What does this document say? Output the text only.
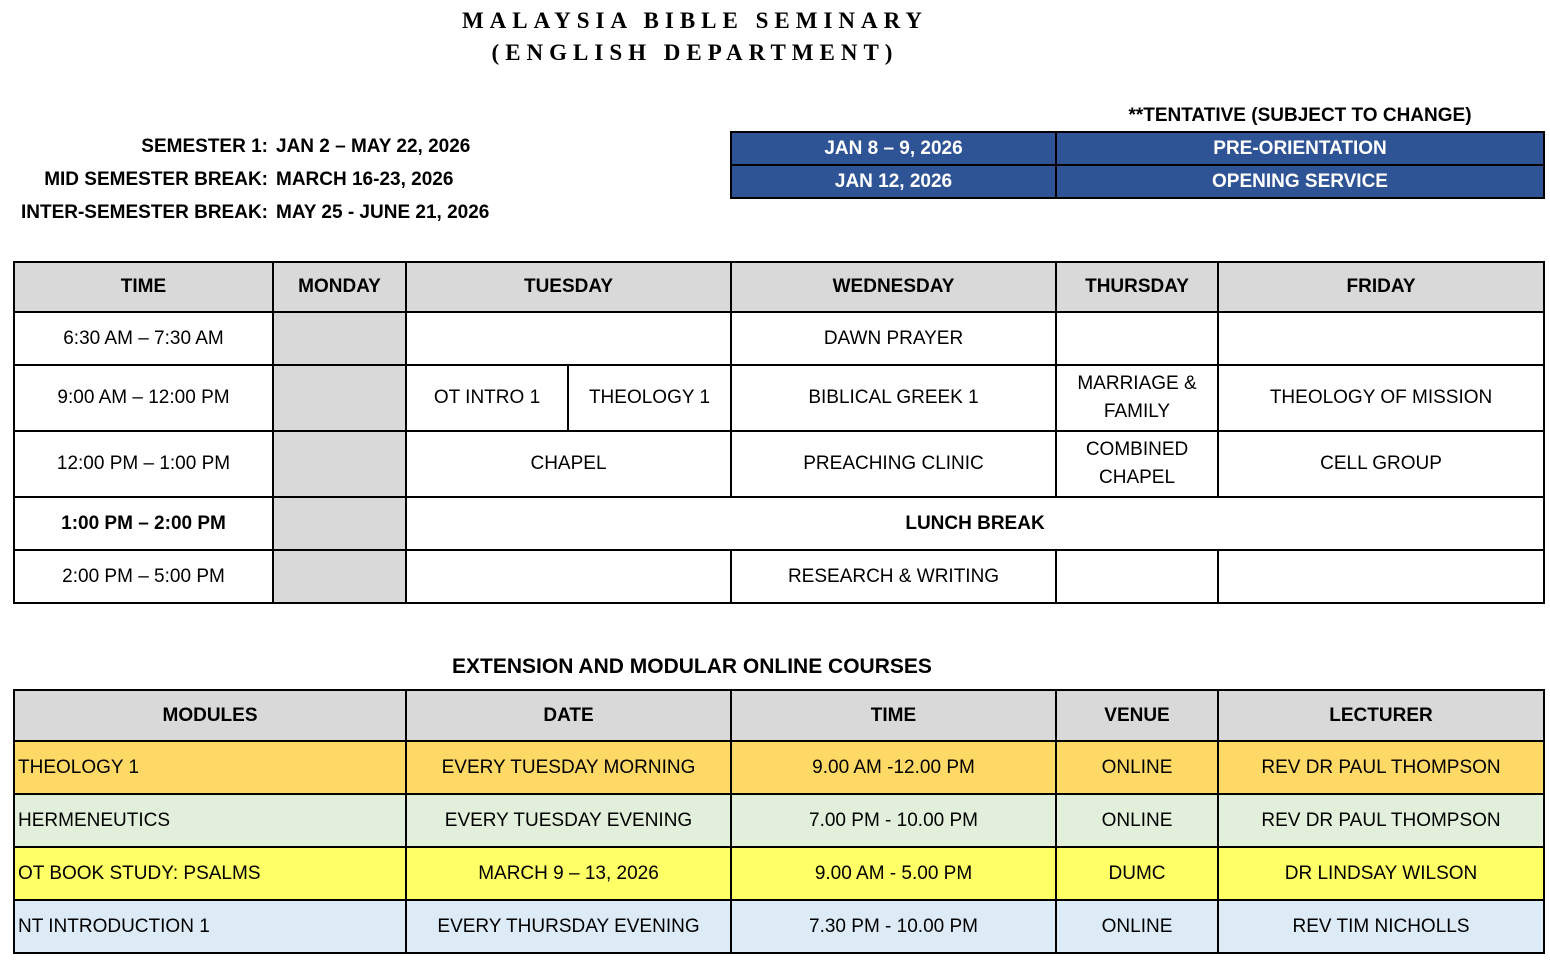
MALAYSIA BIBLE SEMINARY
(ENGLISH DEPARTMENT)
SEMESTER 1: JAN 2 – MAY 22, 2026
MID SEMESTER BREAK: MARCH 16-23, 2026
INTER-SEMESTER BREAK: MAY 25 - JUNE 21, 2026
**TENTATIVE (SUBJECT TO CHANGE)
JAN 8 – 9, 2026	PRE-ORIENTATION
JAN 12, 2026	OPENING SERVICE
TIME	MONDAY	TUESDAY		WEDNESDAY	THURSDAY	FRIDAY
6:30 AM – 7:30 AM				DAWN PRAYER		
9:00 AM – 12:00 PM		OT INTRO 1	THEOLOGY 1	BIBLICAL GREEK 1	MARRIAGE & FAMILY	THEOLOGY OF MISSION
12:00 PM – 1:00 PM		CHAPEL		PREACHING CLINIC	COMBINED CHAPEL	CELL GROUP
1:00 PM – 2:00 PM		LUNCH BREAK				
2:00 PM – 5:00 PM				RESEARCH & WRITING		
EXTENSION AND MODULAR ONLINE COURSES
MODULES	DATE	TIME	VENUE	LECTURER
THEOLOGY 1	EVERY TUESDAY MORNING	9.00 AM -12.00 PM	ONLINE	REV DR PAUL THOMPSON
HERMENEUTICS	EVERY TUESDAY EVENING	7.00 PM - 10.00 PM	ONLINE	REV DR PAUL THOMPSON
OT BOOK STUDY: PSALMS	MARCH 9 – 13, 2026	9.00 AM - 5.00 PM	DUMC	DR LINDSAY WILSON
NT INTRODUCTION 1	EVERY THURSDAY EVENING	7.30 PM - 10.00 PM	ONLINE	REV TIM NICHOLLS
